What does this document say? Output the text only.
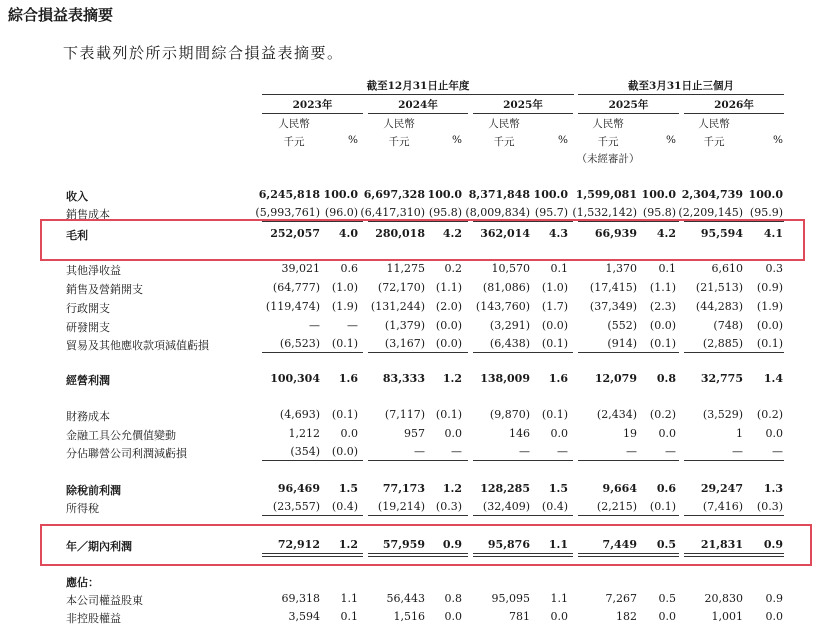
綜合損益表摘要
下表載列於所示期間綜合損益表摘要。
截至12月31日止年度	截至3月31日止三個月
2023年
人民幣
千元	%
2024年
人民幣
千元	%
2025年
人民幣
千元	%
2025年
人民幣
千元	%
2026年
人民幣
千元	%
（未經審計）
收入	6,245,818 100.0 6,697,328 100.0 8,371,848 100.0 1,599,081 100.0 2,304,739 100.0
銷售成本	(5,993,761) (96.0) (6,417,310) (95.8) (8,009,834) (95.7) (1,532,142) (95.8) (2,209,145) (95.9)
毛利	252,057	4.0	280,018	4.2	362,014	4.3	66,939	4.2	95,594	4.1
其他淨收益	39,021	0.6	11,275	0.2	10,570	0.1	1,370	0.1	6,610	0.3
銷售及營銷開支	(64,777)	(1.0)	(72,170) (1.1)	(81,086)	(1.0)	(17,415)	(1.1)	(21,513)	(0.9)
行政開支	(119,474)	(1.9)	(131,244) (2.0)	(143,760)	(1.7)	(37,349)	(2.3)	(44,283)	(1.9)
研發開支	—	—	(1,379) (0.0)	(3,291)	(0.0)	(552)	(0.0)	(748)	(0.0)
貿易及其他應收款項減值虧損	(6,523)	(0.1)	(3,167) (0.0)	(6,438)	(0.1)	(914)	(0.1)	(2,885)	(0.1)
經營利潤	100,304	1.6	83,333	1.2	138,009	1.6	12,079	0.8	32,775	1.4
財務成本	(4,693)	(0.1)	(7,117) (0.1)	(9,870)	(0.1)	(2,434)	(0.2)	(3,529)	(0.2)
金融工具公允價值變動	1,212	0.0	957	0.0	146	0.0	19	0.0	1	0.0
分佔聯營公司利潤減虧損	(354)	(0.0)	—	—	—	—	—	—	—	—
除稅前利潤	96,469	1.5	77,173	1.2	128,285	1.5	9,664	0.6	29,247	1.3
所得稅	(23,557)	(0.4)	(19,214) (0.3)	(32,409)	(0.4)	(2,215)	(0.1)	(7,416)	(0.3)
年／期內利潤	72,912	1.2	57,959	0.9	95,876	1.1	7,449	0.5	21,831	0.9
應佔：
本公司權益股東	69,318	1.1	56,443	0.8	95,095	1.1	7,267	0.5	20,830	0.9
非控股權益	3,594	0.1	1,516	0.0	781	0.0	182	0.0	1,001	0.0
